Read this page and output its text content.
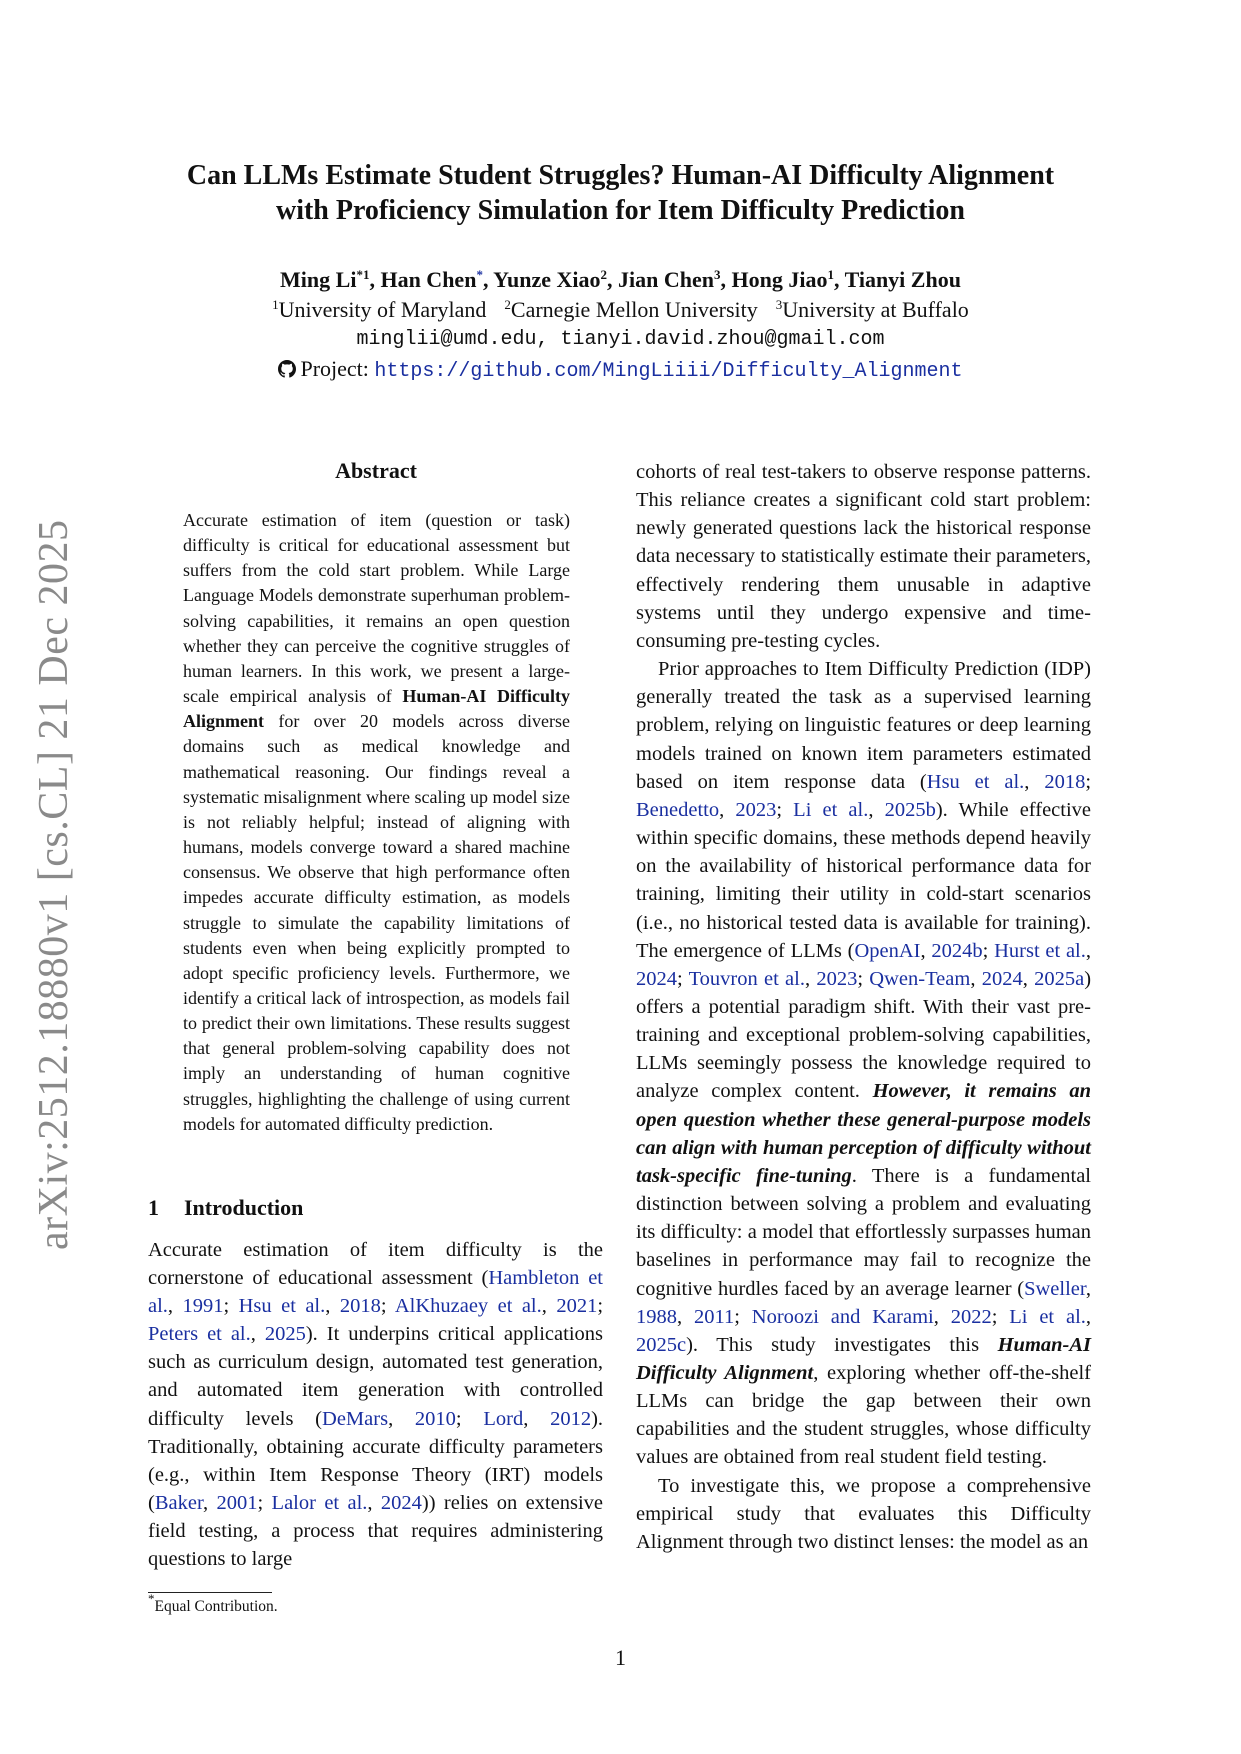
arXiv:2512.18880v1 [cs.CL] 21 Dec 2025
Can LLMs Estimate Student Struggles? Human-AI Difficulty Alignment
with Proficiency Simulation for Item Difficulty Prediction
Ming Li$^{*1}$, Han Chen*, Yunze Xiao$^2$, Jian Chen$^3$, Hong Jiao$^1$, Tianyi Zhou
$^1$University of Maryland $^2$Carnegie Mellon University $^3$University at Buffalo
minglii@umd.edu, tianyi.david.zhou@gmail.com
Project: https://github.com/MingLiiii/Difficulty_Alignment
Abstract
Accurate estimation of item (question or task) difficulty is critical for educational assessment but suffers from the cold start problem. While Large Language Models demonstrate superhuman problem-solving capabilities, it remains an open question whether they can perceive the cognitive struggles of human learners. In this work, we present a large-scale empirical analysis of Human-AI Difficulty Alignment for over 20 models across diverse domains such as medical knowledge and mathematical reasoning. Our findings reveal a systematic misalignment where scaling up model size is not reliably helpful; instead of aligning with humans, models converge toward a shared machine consensus. We observe that high performance often impedes accurate difficulty estimation, as models struggle to simulate the capability limitations of students even when being explicitly prompted to adopt specific proficiency levels. Furthermore, we identify a critical lack of introspection, as models fail to predict their own limitations. These results suggest that general problem-solving capability does not imply an understanding of human cognitive struggles, highlighting the challenge of using current models for automated difficulty prediction.
1 Introduction
Accurate estimation of item difficulty is the cornerstone of educational assessment (Hambleton et al., 1991; Hsu et al., 2018; AlKhuzaey et al., 2021; Peters et al., 2025). It underpins critical applications such as curriculum design, automated test generation, and automated item generation with controlled difficulty levels (DeMars, 2010; Lord, 2012). Traditionally, obtaining accurate difficulty parameters (e.g., within Item Response Theory (IRT) models (Baker, 2001; Lalor et al., 2024)) relies on extensive field testing, a process that requires administering questions to large
*Equal Contribution.

cohorts of real test-takers to observe response patterns. This reliance creates a significant cold start problem: newly generated questions lack the historical response data necessary to statistically estimate their parameters, effectively rendering them unusable in adaptive systems until they undergo expensive and time-consuming pre-testing cycles.

Prior approaches to Item Difficulty Prediction (IDP) generally treated the task as a supervised learning problem, relying on linguistic features or deep learning models trained on known item parameters estimated based on item response data (Hsu et al., 2018; Benedetto, 2023; Li et al., 2025b). While effective within specific domains, these methods depend heavily on the availability of historical performance data for training, limiting their utility in cold-start scenarios (i.e., no historical tested data is available for training). The emergence of LLMs (OpenAI, 2024b; Hurst et al., 2024; Touvron et al., 2023; Qwen-Team, 2024, 2025a) offers a potential paradigm shift. With their vast pre-training and exceptional problem-solving capabilities, LLMs seemingly possess the knowledge required to analyze complex content. However, it remains an open question whether these general-purpose models can align with human perception of difficulty without task-specific fine-tuning. There is a fundamental distinction between solving a problem and evaluating its difficulty: a model that effortlessly surpasses human baselines in performance may fail to recognize the cognitive hurdles faced by an average learner (Sweller, 1988, 2011; Noroozi and Karami, 2022; Li et al., 2025c). This study investigates this Human-AI Difficulty Alignment, exploring whether off-the-shelf LLMs can bridge the gap between their own capabilities and the student struggles, whose difficulty values are obtained from real student field testing.

To investigate this, we propose a comprehensive empirical study that evaluates this Difficulty Alignment through two distinct lenses: the model as an

1
